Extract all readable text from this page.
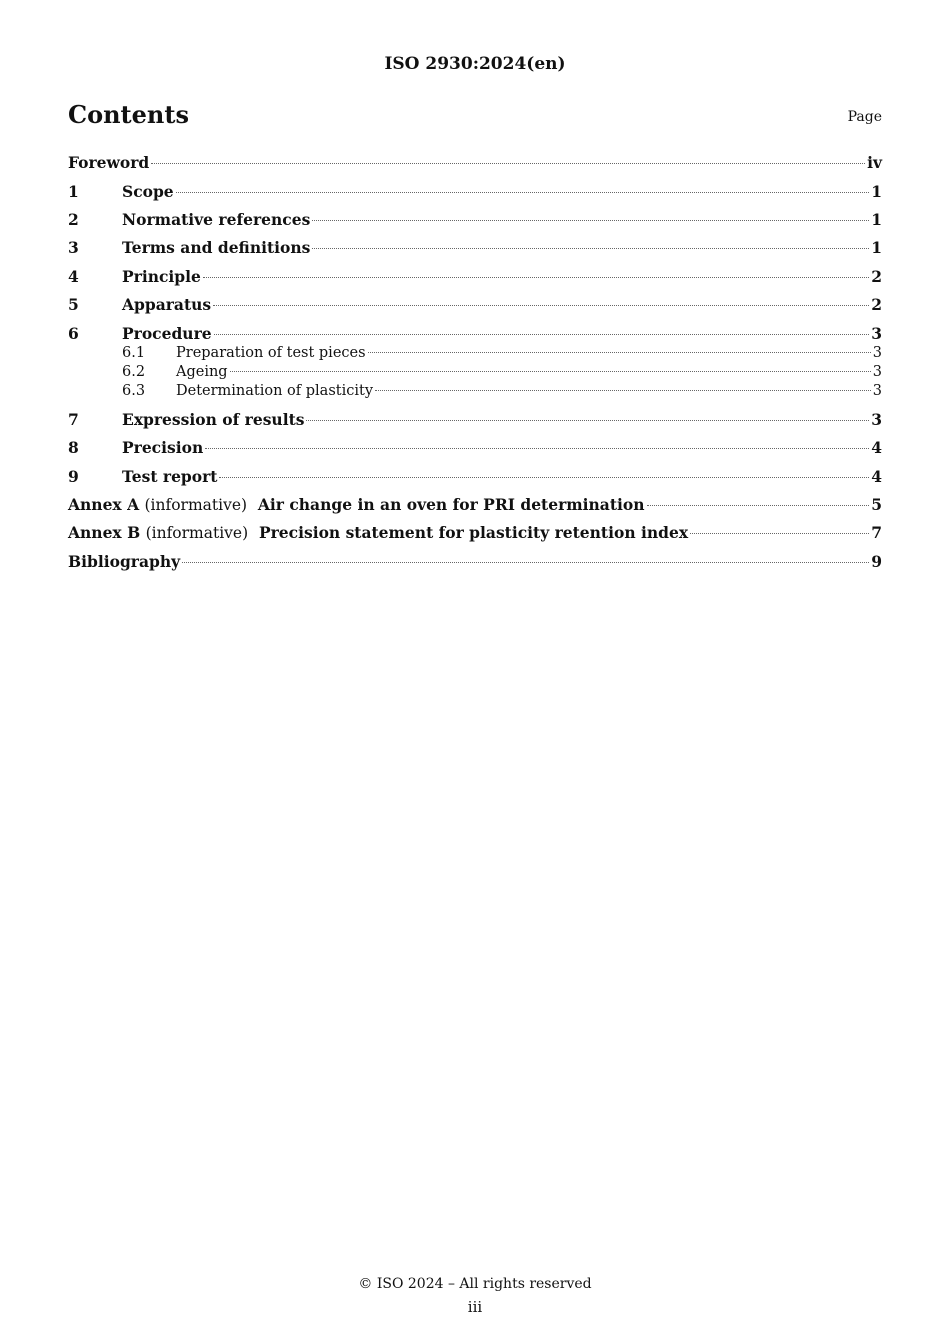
ISO 2930:2024(en)
Contents	Page
Foreword	iv
1	Scope	1
2	Normative references	1
3	Terms and definitions	1
4	Principle	2
5	Apparatus	2
6	Procedure	3
6.1	Preparation of test pieces	3
6.2	Ageing	3
6.3	Determination of plasticity	3
7	Expression of results	3
8	Precision	4
9	Test report	4
Annex A (informative) Air change in an oven for PRI determination	5
Annex B (informative) Precision statement for plasticity retention index	7
Bibliography	9
© ISO 2024 – All rights reserved
iii
